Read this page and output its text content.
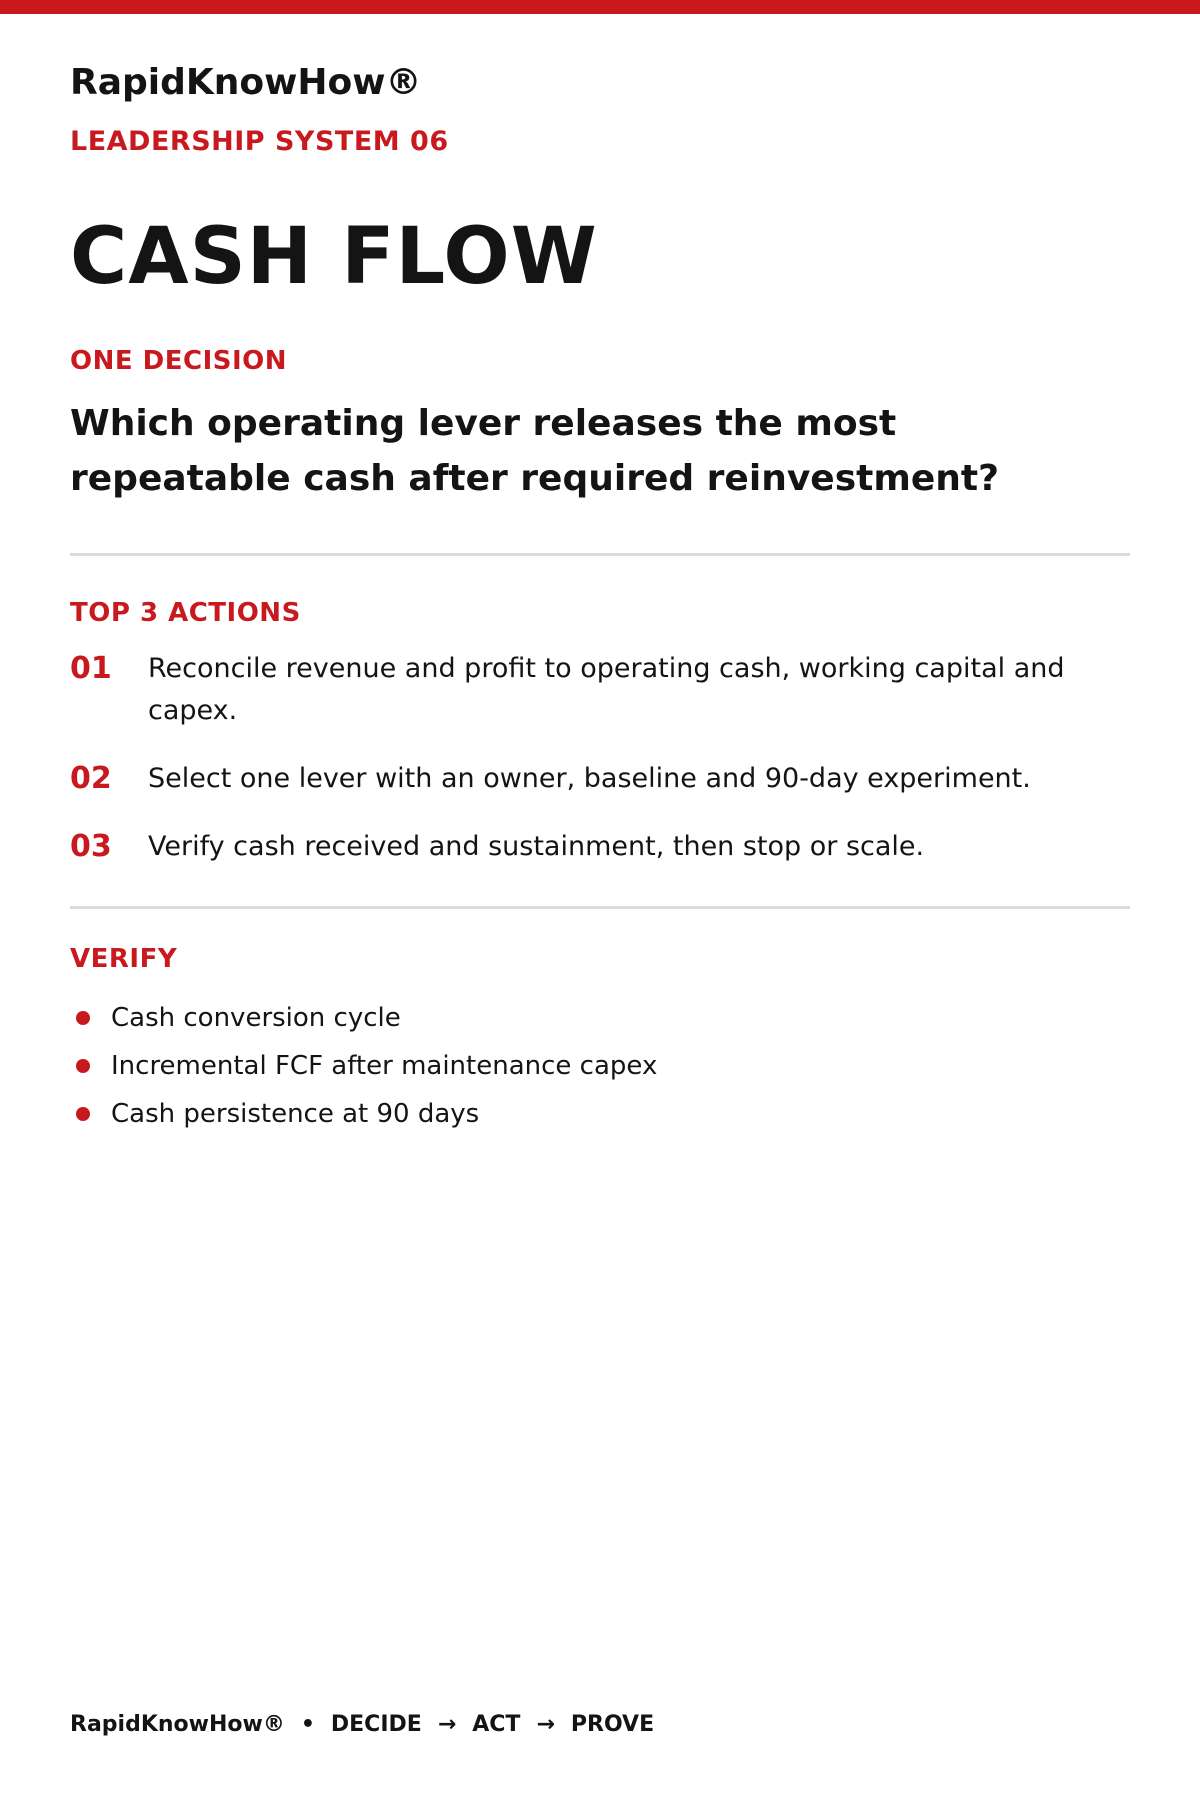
RapidKnowHow®
LEADERSHIP SYSTEM 06
CASH FLOW
ONE DECISION

Which operating lever releases the most repeatable cash after required reinvestment?

TOP 3 ACTIONS
01	Reconcile revenue and profit to operating cash, working capital and capex.
02	Select one lever with an owner, baseline and 90-day experiment.
03	Verify cash received and sustainment, then stop or scale.
VERIFY
Cash conversion cycle
Incremental FCF after maintenance capex
Cash persistence at 90 days
RapidKnowHow® • DECIDE → ACT → PROVE
